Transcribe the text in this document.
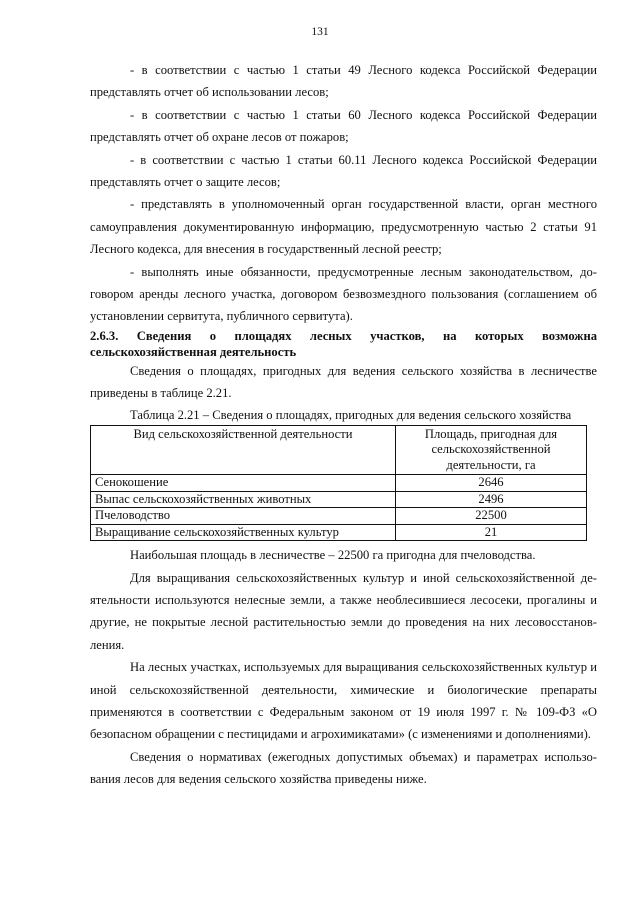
131

- в соответствии с частью 1 статьи 49 Лесного кодекса Российской Федерации представлять отчет об использовании лесов;

- в соответствии с частью 1 статьи 60 Лесного кодекса Российской Федерации представлять отчет об охране лесов от пожаров;

- в соответствии с частью 1 статьи 60.11 Лесного кодекса Российской Федерации представлять отчет о защите лесов;

- представлять в уполномоченный орган государственной власти, орган местного самоуправления документированную информацию, предусмотренную частью 2 статьи 91 Лесного кодекса, для внесения в государственный лесной реестр;

- выполнять иные обязанности, предусмотренные лесным законодательством, договором аренды лесного участка, договором безвозмездного пользования (соглашением об установлении сервитута, публичного сервитута).

2.6.3. Сведения о площадях лесных участков, на которых возможна сельскохозяйственная деятельность

Сведения о площадях, пригодных для ведения сельского хозяйства в лесничестве приведены в таблице 2.21.

Таблица 2.21 – Сведения о площадях, пригодных для ведения сельского хозяйства

Вид сельскохозяйственной деятельности	Площадь, пригодная для сельскохозяйственной деятельности, га
Сенокошение	2646
Выпас сельскохозяйственных животных	2496
Пчеловодство	22500
Выращивание сельскохозяйственных культур	21

Наибольшая площадь в лесничестве – 22500 га пригодна для пчеловодства.

Для выращивания сельскохозяйственных культур и иной сельскохозяйственной деятельности используются нелесные земли, а также необлесившиеся лесосеки, прогалины и другие, не покрытые лесной растительностью земли до проведения на них лесовосстановления.

На лесных участках, используемых для выращивания сельскохозяйственных культур и иной сельскохозяйственной деятельности, химические и биологические препараты применяются в соответствии с Федеральным законом от 19 июля 1997 г. № 109-ФЗ «О безопасном обращении с пестицидами и агрохимикатами» (с изменениями и дополнениями).

Сведения о нормативах (ежегодных допустимых объемах) и параметрах использования лесов для ведения сельского хозяйства приведены ниже.
